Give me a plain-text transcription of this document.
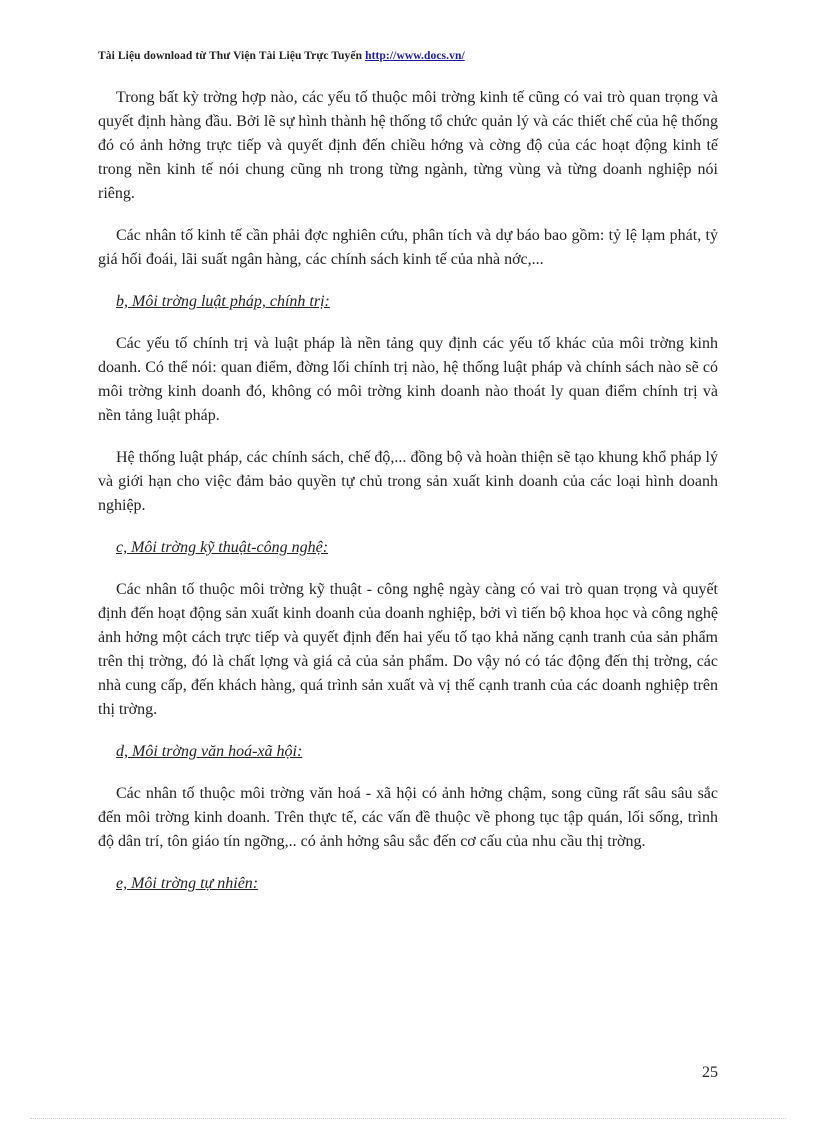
Tài Liệu download từ Thư Viện Tài Liệu Trực Tuyến http://www.docs.vn/

Trong bất kỳ trờng hợp nào, các yếu tố thuộc môi trờng kinh tế cũng có vai trò quan trọng và quyết định hàng đầu. Bởi lẽ sự hình thành hệ thống tổ chức quản lý và các thiết chế của hệ thống đó có ảnh hởng trực tiếp và quyết định đến chiều hớng và cờng độ của các hoạt động kinh tế trong nền kinh tế nói chung cũng nh trong từng ngành, từng vùng và từng doanh nghiệp nói riêng.

Các nhân tố kinh tế cần phải đợc nghiên cứu, phân tích và dự báo bao gồm: tỷ lệ lạm phát, tỷ giá hối đoái, lãi suất ngân hàng, các chính sách kinh tế của nhà nớc,...

b, Môi trờng luật pháp, chính trị:

Các yếu tố chính trị và luật pháp là nền tảng quy định các yếu tố khác của môi trờng kinh doanh. Có thể nói: quan điểm, đờng lối chính trị nào, hệ thống luật pháp và chính sách nào sẽ có môi trờng kinh doanh đó, không có môi trờng kinh doanh nào thoát ly quan điểm chính trị và nền tảng luật pháp.

Hệ thống luật pháp, các chính sách, chế độ,... đồng bộ và hoàn thiện sẽ tạo khung khổ pháp lý và giới hạn cho việc đảm bảo quyền tự chủ trong sản xuất kinh doanh của các loại hình doanh nghiệp.

c, Môi trờng kỹ thuật-công nghệ:

Các nhân tố thuộc môi trờng kỹ thuật - công nghệ ngày càng có vai trò quan trọng và quyết định đến hoạt động sản xuất kinh doanh của doanh nghiệp, bởi vì tiến bộ khoa học và công nghệ ảnh hởng một cách trực tiếp và quyết định đến hai yếu tố tạo khả năng cạnh tranh của sản phẩm trên thị trờng, đó là chất lợng và giá cả của sản phẩm. Do vậy nó có tác động đến thị trờng, các nhà cung cấp, đến khách hàng, quá trình sản xuất và vị thế cạnh tranh của các doanh nghiệp trên thị trờng.

d, Môi trờng văn hoá-xã hội:

Các nhân tố thuộc môi trờng văn hoá - xã hội có ảnh hởng chậm, song cũng rất sâu sâu sắc đến môi trờng kinh doanh. Trên thực tế, các vấn đề thuộc về phong tục tập quán, lối sống, trình độ dân trí, tôn giáo tín ngỡng,.. có ảnh hởng sâu sắc đến cơ cấu của nhu cầu thị trờng.

e, Môi trờng tự nhiên:
25
